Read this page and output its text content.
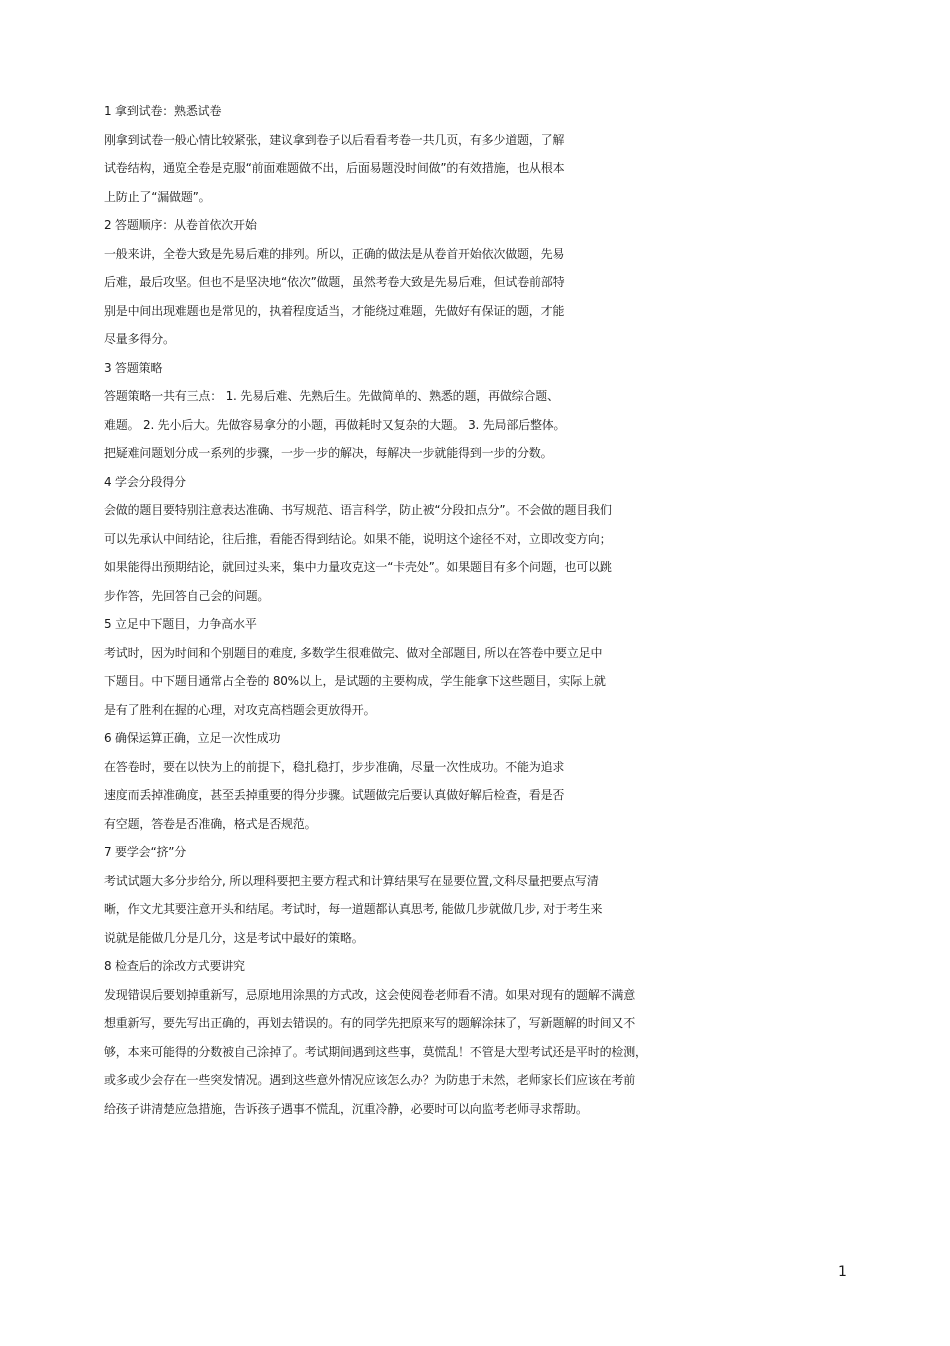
1 拿到试卷：熟悉试卷
刚拿到试卷一般心情比较紧张，建议拿到卷子以后看看考卷一共几页，有多少道题，了解
试卷结构，通览全卷是克服“前面难题做不出，后面易题没时间做”的有效措施，也从根本
上防止了“漏做题”。
2 答题顺序：从卷首依次开始
一般来讲，全卷大致是先易后难的排列。所以，正确的做法是从卷首开始依次做题，先易
后难，最后攻坚。但也不是坚决地“依次”做题，虽然考卷大致是先易后难，但试卷前部特
别是中间出现难题也是常见的，执着程度适当，才能绕过难题，先做好有保证的题，才能
尽量多得分。
3 答题策略
答题策略一共有三点： 1. 先易后难、先熟后生。先做简单的、熟悉的题，再做综合题、
难题。 2. 先小后大。先做容易拿分的小题，再做耗时又复杂的大题。 3. 先局部后整体。
把疑难问题划分成一系列的步骤，一步一步的解决，每解决一步就能得到一步的分数。
4 学会分段得分
会做的题目要特别注意表达准确、书写规范、语言科学，防止被“分段扣点分”。不会做的题目我们
可以先承认中间结论，往后推，看能否得到结论。如果不能，说明这个途径不对，立即改变方向；
如果能得出预期结论，就回过头来，集中力量攻克这一“卡壳处”。如果题目有多个问题，也可以跳
步作答，先回答自己会的问题。
5 立足中下题目，力争高水平
考试时，因为时间和个别题目的难度, 多数学生很难做完、做对全部题目, 所以在答卷中要立足中
下题目。中下题目通常占全卷的 80%以上，是试题的主要构成，学生能拿下这些题目，实际上就
是有了胜利在握的心理，对攻克高档题会更放得开。
6 确保运算正确，立足一次性成功
在答卷时，要在以快为上的前提下，稳扎稳打，步步准确，尽量一次性成功。不能为追求
速度而丢掉准确度，甚至丢掉重要的得分步骤。试题做完后要认真做好解后检查，看是否
有空题，答卷是否准确，格式是否规范。
7 要学会“挤”分
考试试题大多分步给分, 所以理科要把主要方程式和计算结果写在显要位置,文科尽量把要点写清
晰，作文尤其要注意开头和结尾。考试时，每一道题都认真思考, 能做几步就做几步, 对于考生来
说就是能做几分是几分，这是考试中最好的策略。
8 检查后的涂改方式要讲究
发现错误后要划掉重新写，忌原地用涂黑的方式改，这会使阅卷老师看不清。如果对现有的题解不满意
想重新写，要先写出正确的，再划去错误的。有的同学先把原来写的题解涂抹了，写新题解的时间又不
够，本来可能得的分数被自己涂掉了。考试期间遇到这些事，莫慌乱！不管是大型考试还是平时的检测，
或多或少会存在一些突发情况。遇到这些意外情况应该怎么办？为防患于未然，老师家长们应该在考前
给孩子讲清楚应急措施，告诉孩子遇事不慌乱，沉重冷静，必要时可以向监考老师寻求帮助。
1
